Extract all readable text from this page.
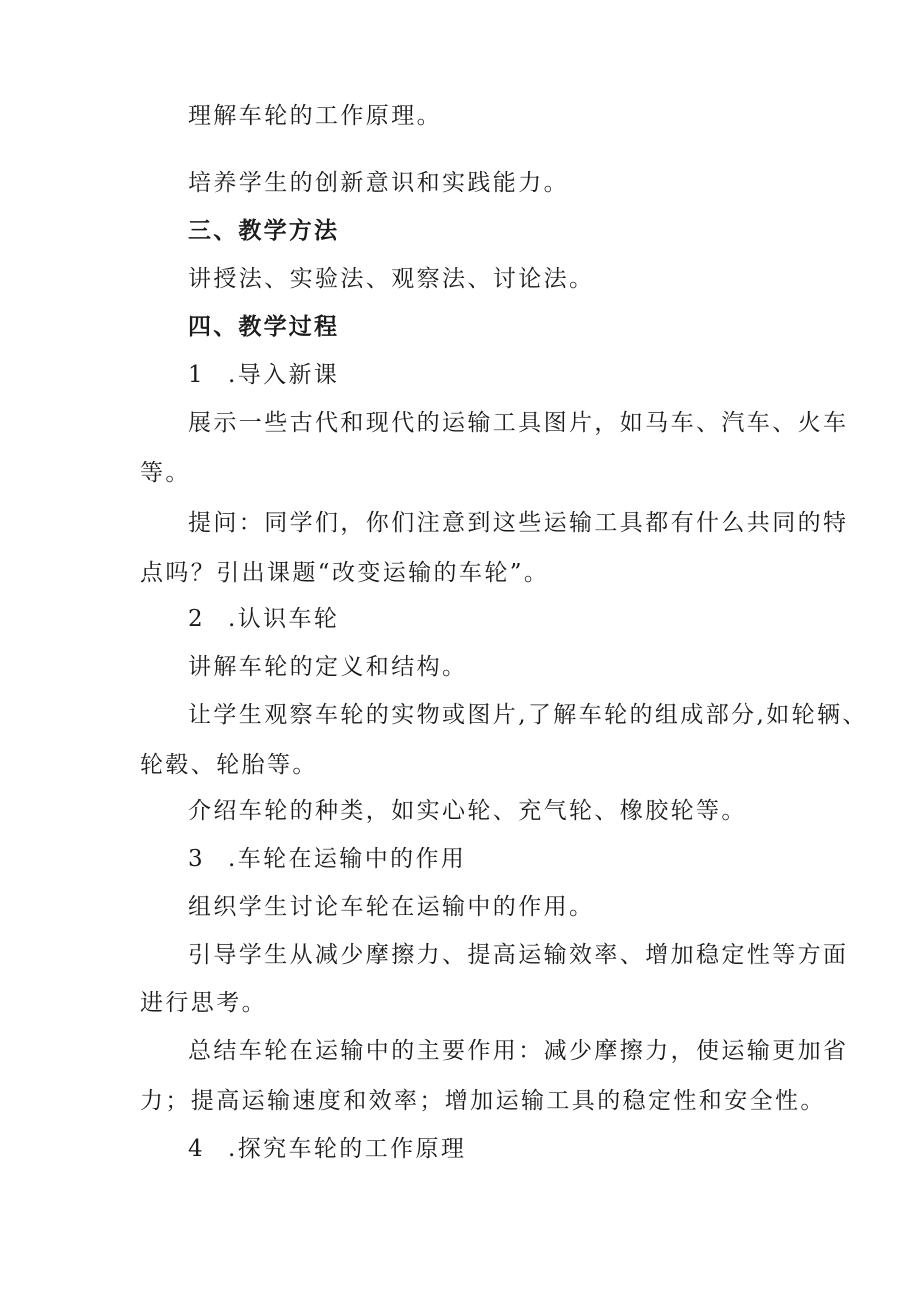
理解车轮的工作原理。

培养学生的创新意识和实践能力。

三、教学方法

讲授法、实验法、观察法、讨论法。

四、教学过程

1 .导入新课

展示一些古代和现代的运输工具图片，如马车、汽车、火车

等。

提问：同学们，你们注意到这些运输工具都有什么共同的特

点吗？引出课题“改变运输的车轮”。

2 .认识车轮

讲解车轮的定义和结构。

让学生观察车轮的实物或图片,了解车轮的组成部分,如轮辆、

轮毂、轮胎等。

介绍车轮的种类，如实心轮、充气轮、橡胶轮等。

3 .车轮在运输中的作用

组织学生讨论车轮在运输中的作用。

引导学生从减少摩擦力、提高运输效率、增加稳定性等方面

进行思考。

总结车轮在运输中的主要作用：减少摩擦力，使运输更加省

力；提高运输速度和效率；增加运输工具的稳定性和安全性。

4 .探究车轮的工作原理
